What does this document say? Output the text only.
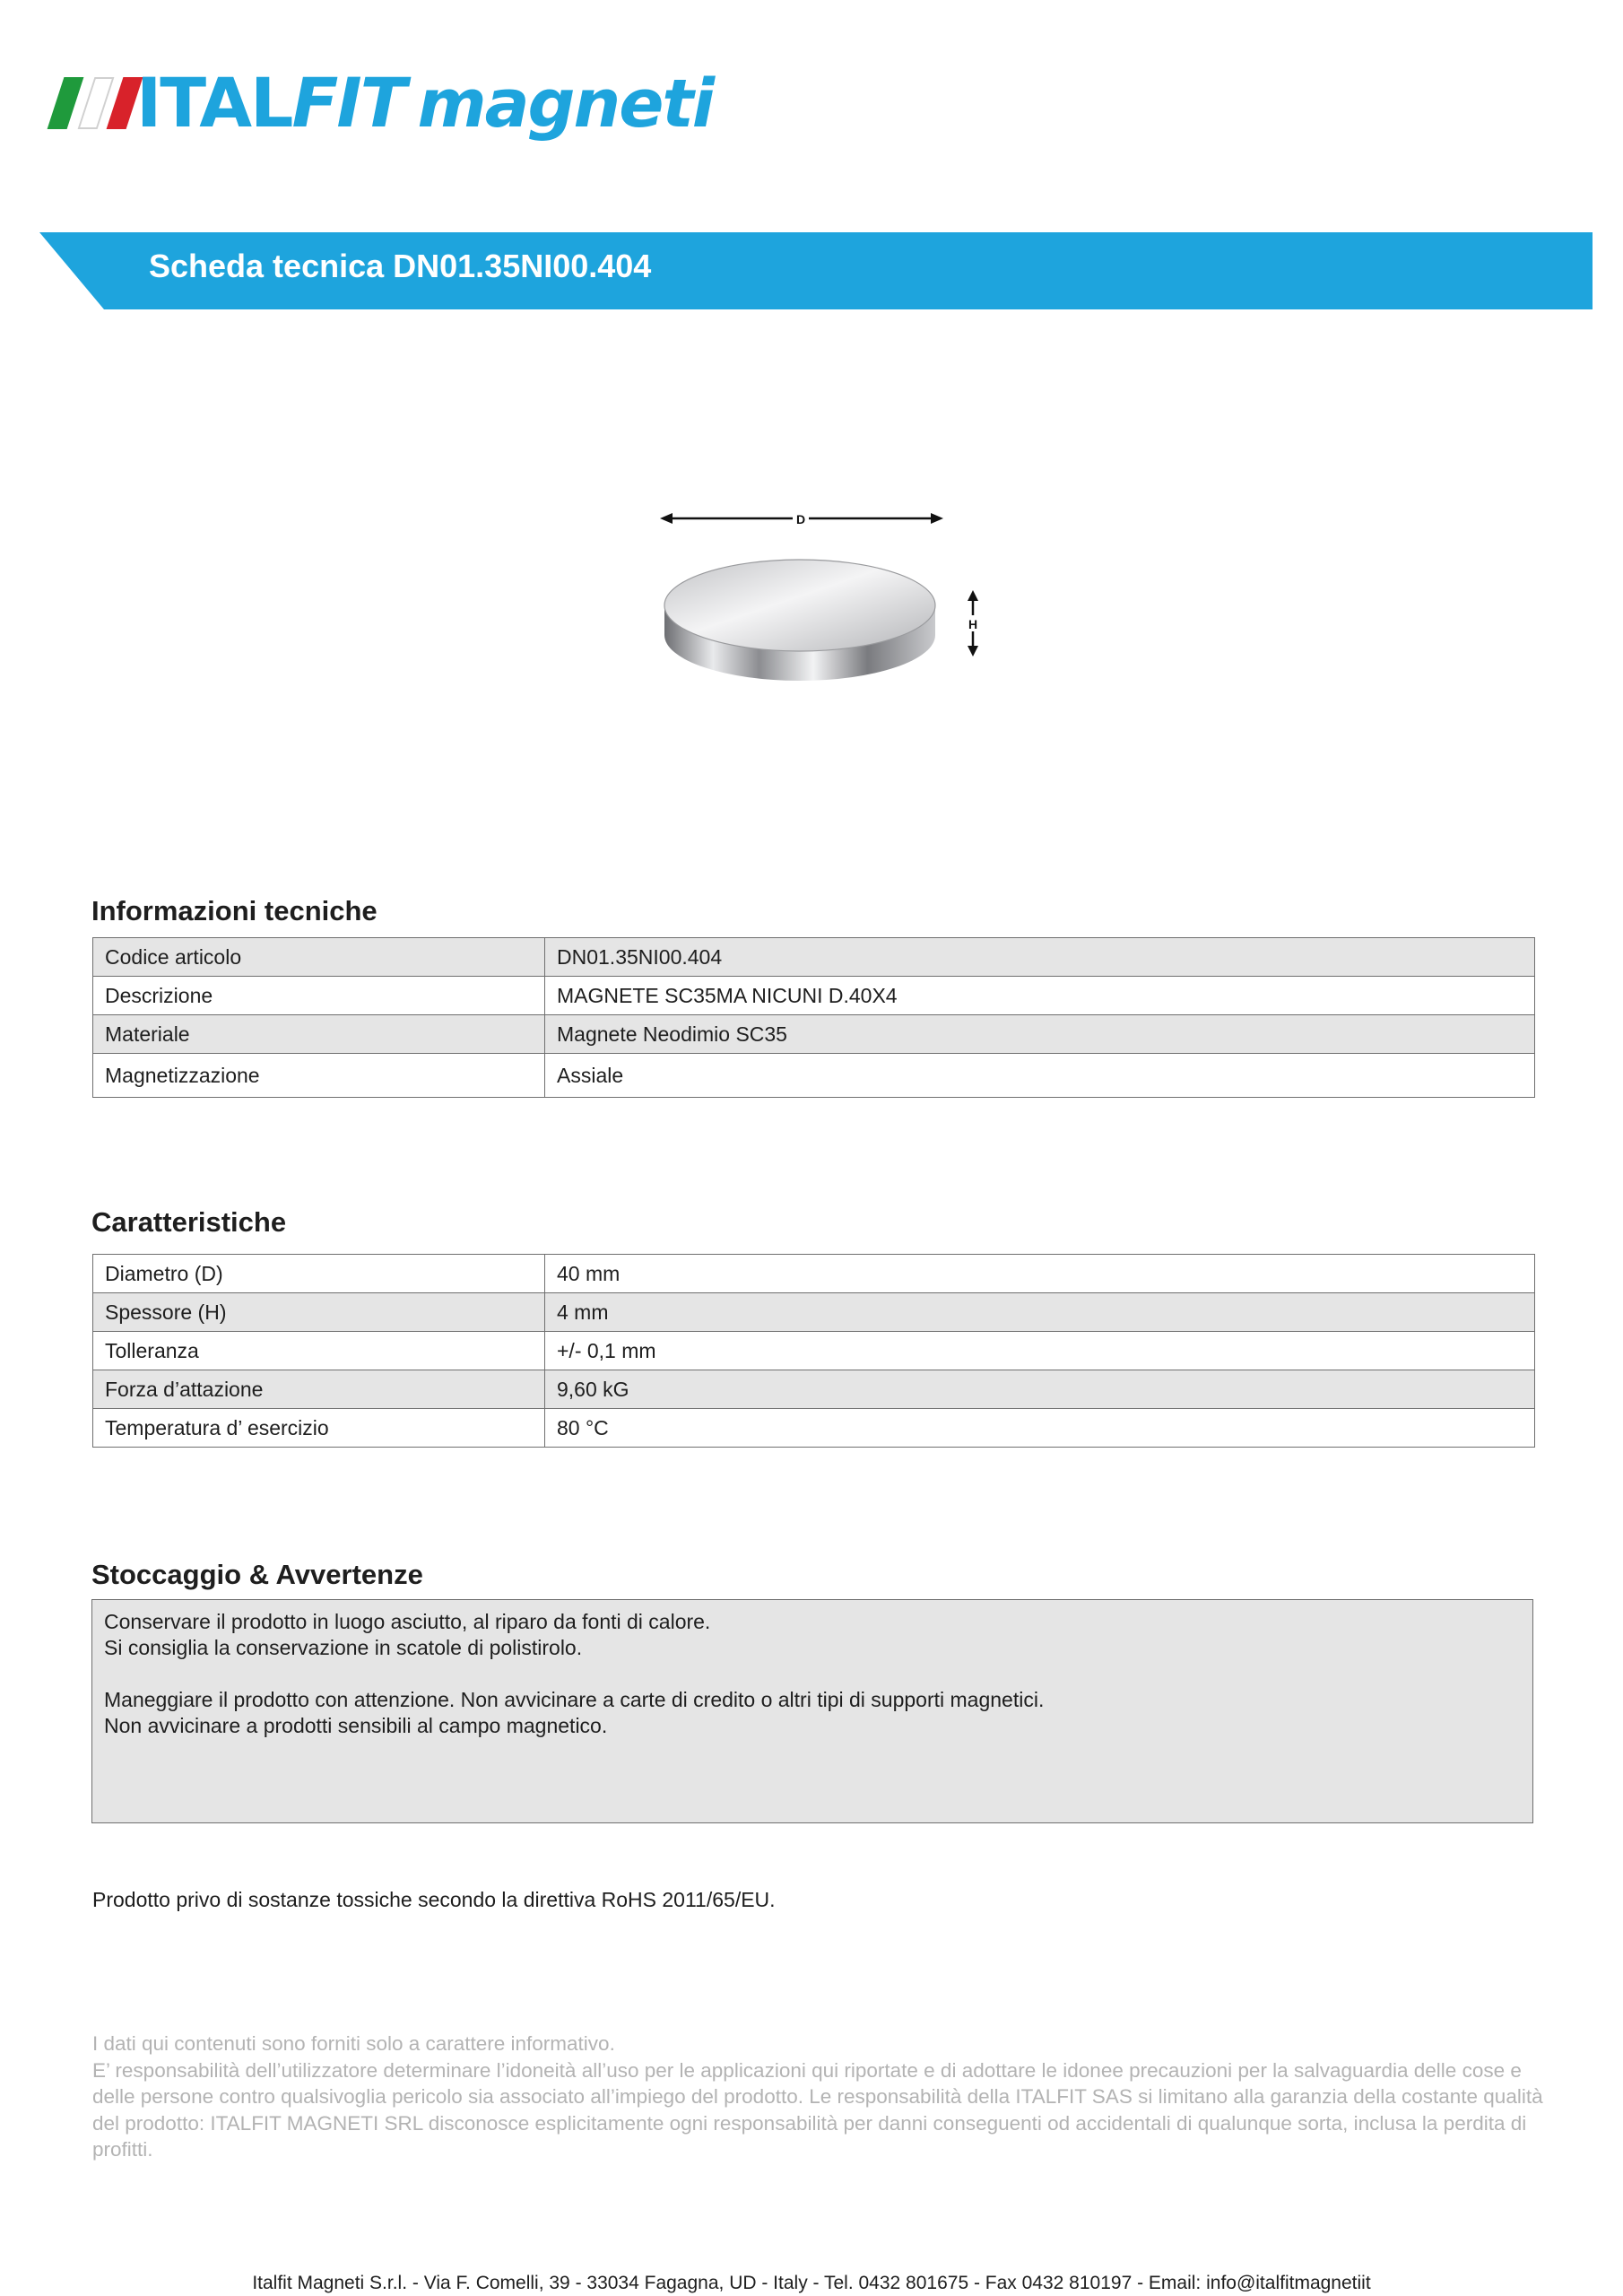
ITALFIT magneti
Scheda tecnica DN01.35NI00.404
D
H
Informazioni tecniche
Codice articolo	DN01.35NI00.404
Descrizione	MAGNETE SC35MA NICUNI D.40X4
Materiale	Magnete Neodimio SC35
Magnetizzazione	Assiale
Caratteristiche
Diametro (D)	40 mm
Spessore (H)	4 mm
Tolleranza	+/- 0,1 mm
Forza d’attazione	9,60 kG
Temperatura d’ esercizio	80 °C
Stoccaggio & Avvertenze

Conservare il prodotto in luogo asciutto, al riparo da fonti di calore.

Si consiglia la conservazione in scatole di polistirolo.

Maneggiare il prodotto con attenzione. Non avvicinare a carte di credito o altri tipi di supporti magnetici.

Non avvicinare a prodotti sensibili al campo magnetico.

Prodotto privo di sostanze tossiche secondo la direttiva RoHS 2011/65/EU.

I dati qui contenuti sono forniti solo a carattere informativo.

E’ responsabilità dell’utilizzatore determinare l’idoneità all’uso per le applicazioni qui riportate e di adottare le idonee precauzioni per la salvaguardia delle cose e delle persone contro qualsivoglia pericolo sia associato all’impiego del prodotto. Le responsabilità della ITALFIT SAS si limitano alla garanzia della costante qualità del prodotto: ITALFIT MAGNETI SRL disconosce esplicitamente ogni responsabilità per danni conseguenti od accidentali di qualunque sorta, inclusa la perdita di profitti.

Italfit Magneti S.r.l. - Via F. Comelli, 39 - 33034 Fagagna, UD - Italy - Tel. 0432 801675 - Fax 0432 810197 - Email: info@italfitmagnetiit
